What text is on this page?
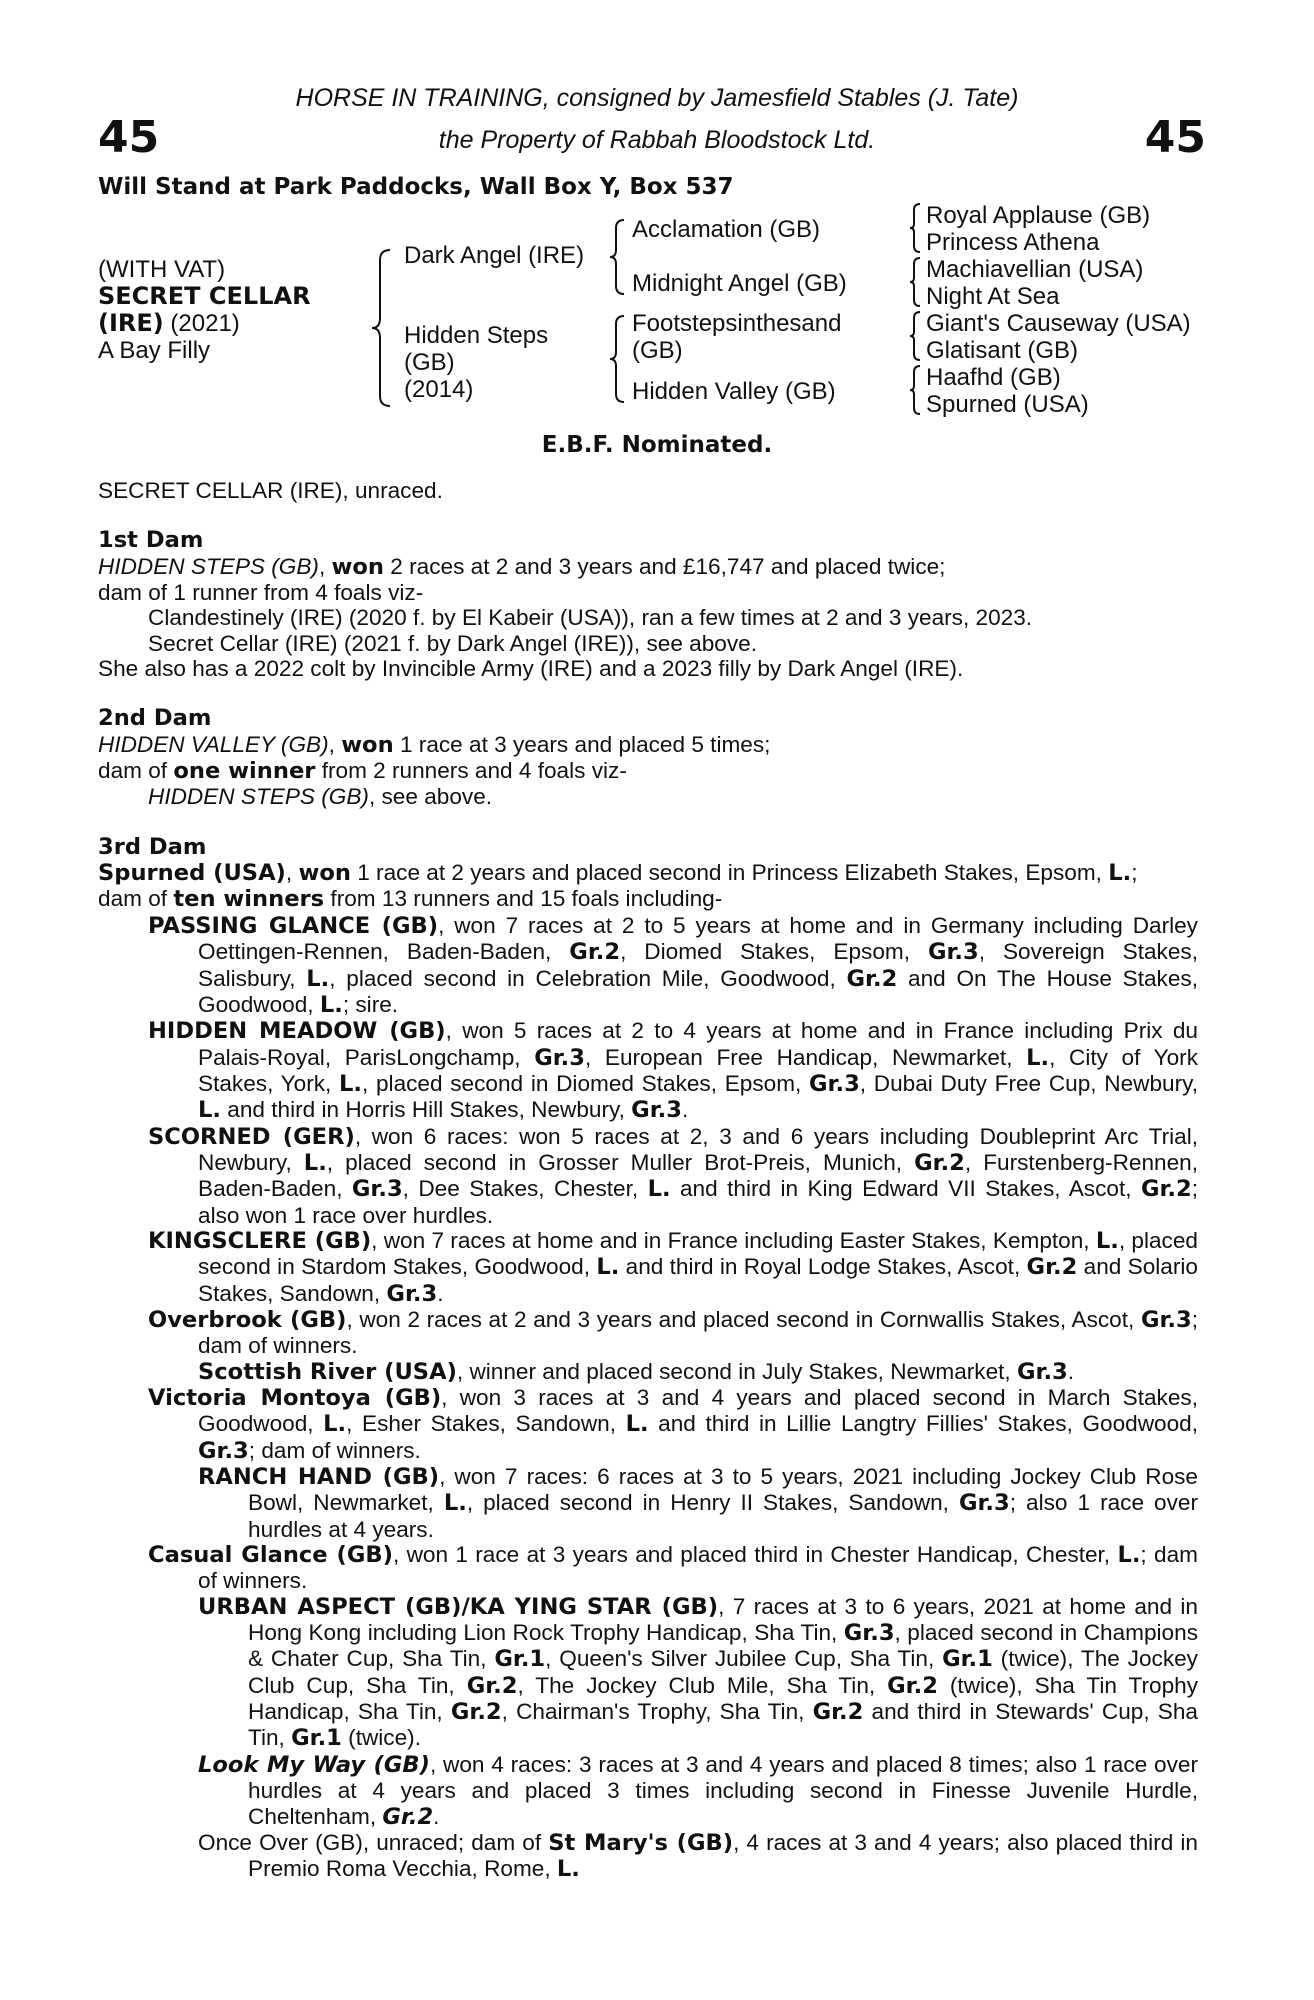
45	45
HORSE IN TRAINING, consigned by Jamesfield Stables (J. Tate)
the Property of Rabbah Bloodstock Ltd.
Will Stand at Park Paddocks, Wall Box Y, Box 537
(WITH VAT)
SECRET CELLAR
(IRE) (2021)
A Bay Filly
Dark Angel (IRE)
Hidden Steps
(GB)
(2014)
Acclamation (GB)
Midnight Angel (GB)
Footstepsinthesand
(GB)
Hidden Valley (GB)
Royal Applause (GB)
Princess Athena
Machiavellian (USA)
Night At Sea
Giant's Causeway (USA)
Glatisant (GB)
Haafhd (GB)
Spurned (USA)
E.B.F. Nominated.

SECRET CELLAR (IRE), unraced.

1st Dam

HIDDEN STEPS (GB), won 2 races at 2 and 3 years and £16,747 and placed twice;

dam of 1 runner from 4 foals viz-

Clandestinely (IRE) (2020 f. by El Kabeir (USA)), ran a few times at 2 and 3 years, 2023.

Secret Cellar (IRE) (2021 f. by Dark Angel (IRE)), see above.

She also has a 2022 colt by Invincible Army (IRE) and a 2023 filly by Dark Angel (IRE).

2nd Dam

HIDDEN VALLEY (GB), won 1 race at 3 years and placed 5 times;

dam of one winner from 2 runners and 4 foals viz-

HIDDEN STEPS (GB), see above.

3rd Dam

Spurned (USA), won 1 race at 2 years and placed second in Princess Elizabeth Stakes, Epsom, L.;

dam of ten winners from 13 runners and 15 foals including-

PASSING GLANCE (GB), won 7 races at 2 to 5 years at home and in Germany including Darley Oettingen-Rennen, Baden-Baden, Gr.2, Diomed Stakes, Epsom, Gr.3, Sovereign Stakes, Salisbury, L., placed second in Celebration Mile, Goodwood, Gr.2 and On The House Stakes, Goodwood, L.; sire.

HIDDEN MEADOW (GB), won 5 races at 2 to 4 years at home and in France including Prix du Palais-Royal, ParisLongchamp, Gr.3, European Free Handicap, Newmarket, L., City of York Stakes, York, L., placed second in Diomed Stakes, Epsom, Gr.3, Dubai Duty Free Cup, Newbury, L. and third in Horris Hill Stakes, Newbury, Gr.3.

SCORNED (GER), won 6 races: won 5 races at 2, 3 and 6 years including Doubleprint Arc Trial, Newbury, L., placed second in Grosser Muller Brot-Preis, Munich, Gr.2, Furstenberg-Rennen, Baden-Baden, Gr.3, Dee Stakes, Chester, L. and third in King Edward VII Stakes, Ascot, Gr.2; also won 1 race over hurdles.

KINGSCLERE (GB), won 7 races at home and in France including Easter Stakes, Kempton, L., placed second in Stardom Stakes, Goodwood, L. and third in Royal Lodge Stakes, Ascot, Gr.2 and Solario Stakes, Sandown, Gr.3.

Overbrook (GB), won 2 races at 2 and 3 years and placed second in Cornwallis Stakes, Ascot, Gr.3; dam of winners.

Scottish River (USA), winner and placed second in July Stakes, Newmarket, Gr.3.

Victoria Montoya (GB), won 3 races at 3 and 4 years and placed second in March Stakes, Goodwood, L., Esher Stakes, Sandown, L. and third in Lillie Langtry Fillies' Stakes, Goodwood, Gr.3; dam of winners.

RANCH HAND (GB), won 7 races: 6 races at 3 to 5 years, 2021 including Jockey Club Rose Bowl, Newmarket, L., placed second in Henry II Stakes, Sandown, Gr.3; also 1 race over hurdles at 4 years.

Casual Glance (GB), won 1 race at 3 years and placed third in Chester Handicap, Chester, L.; dam of winners.

URBAN ASPECT (GB)/KA YING STAR (GB), 7 races at 3 to 6 years, 2021 at home and in Hong Kong including Lion Rock Trophy Handicap, Sha Tin, Gr.3, placed second in Champions & Chater Cup, Sha Tin, Gr.1, Queen's Silver Jubilee Cup, Sha Tin, Gr.1 (twice), The Jockey Club Cup, Sha Tin, Gr.2, The Jockey Club Mile, Sha Tin, Gr.2 (twice), Sha Tin Trophy Handicap, Sha Tin, Gr.2, Chairman's Trophy, Sha Tin, Gr.2 and third in Stewards' Cup, Sha Tin, Gr.1 (twice).

Look My Way (GB), won 4 races: 3 races at 3 and 4 years and placed 8 times; also 1 race over hurdles at 4 years and placed 3 times including second in Finesse Juvenile Hurdle, Cheltenham, Gr.2.

Once Over (GB), unraced; dam of St Mary's (GB), 4 races at 3 and 4 years; also placed third in Premio Roma Vecchia, Rome, L.
